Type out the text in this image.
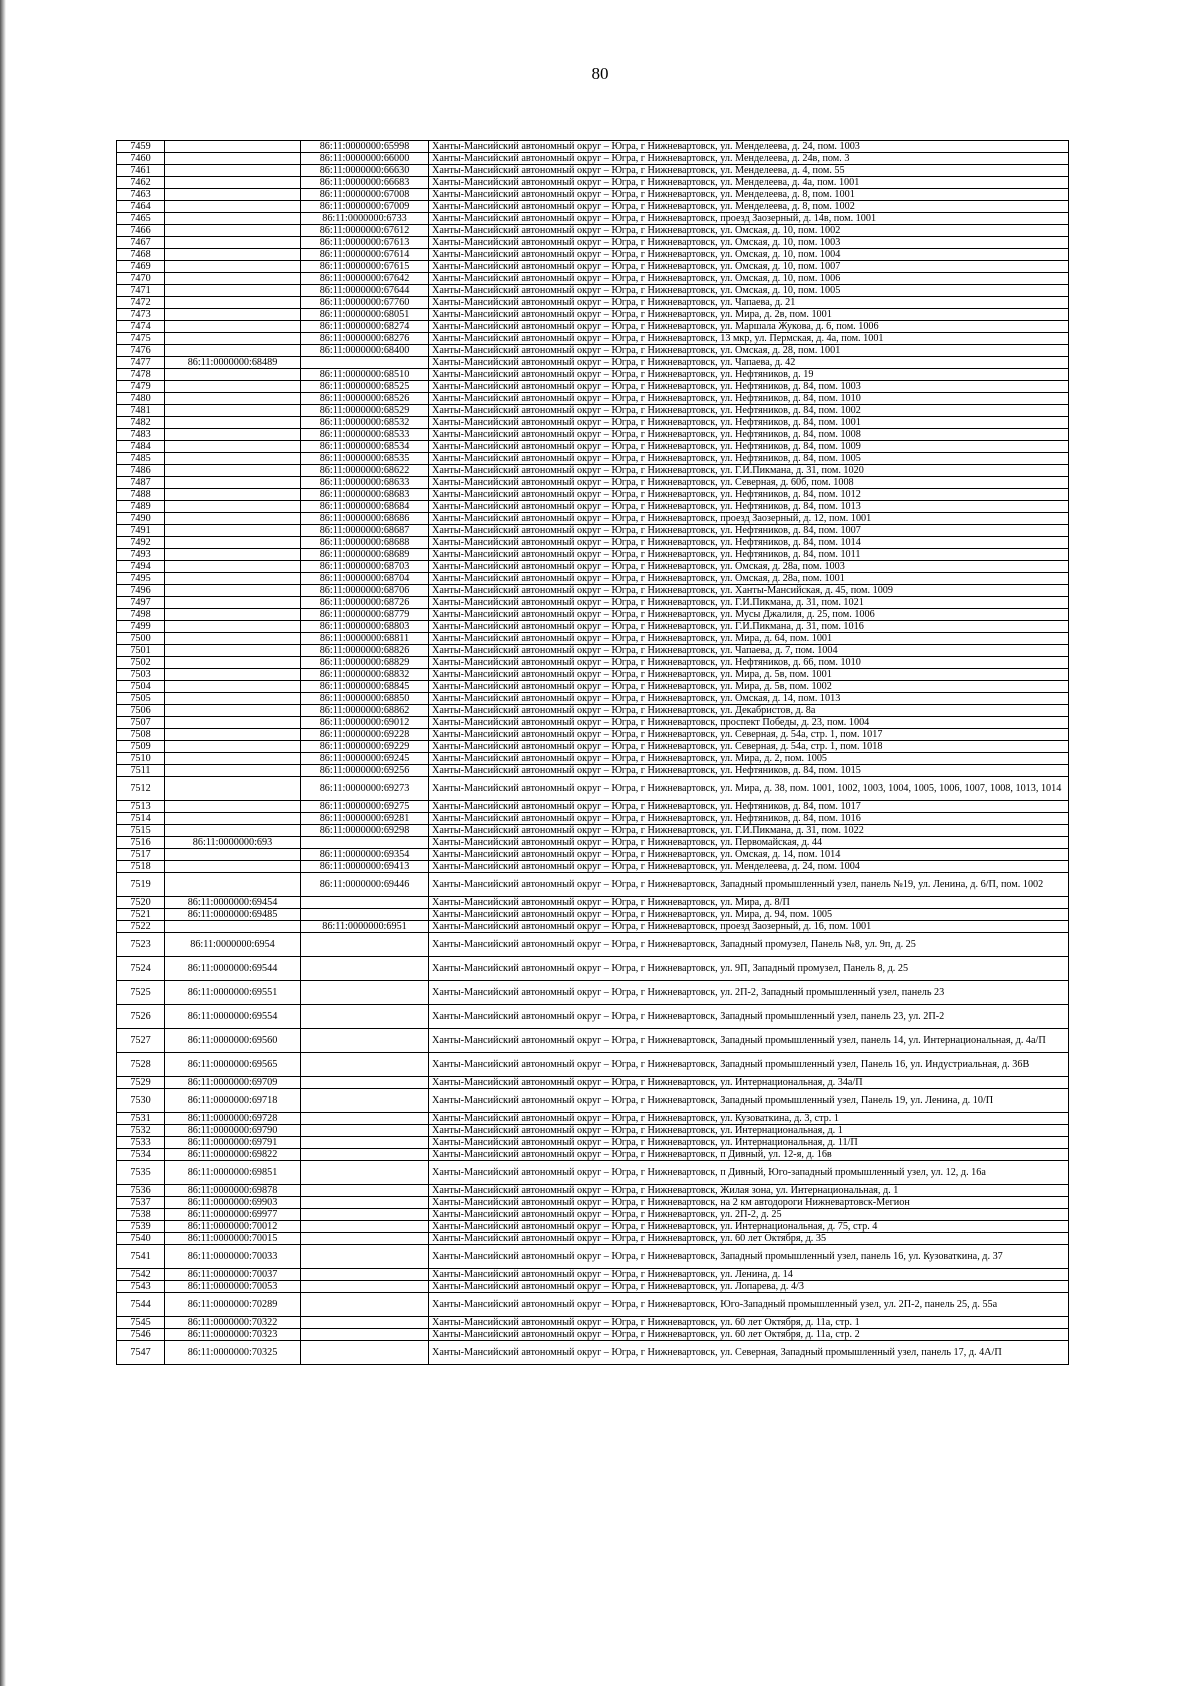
80
7459		86:11:0000000:65998	Ханты-Мансийский автономный округ – Югра, г Нижневартовск, ул. Менделеева, д. 24, пом. 1003
7460		86:11:0000000:66000	Ханты-Мансийский автономный округ – Югра, г Нижневартовск, ул. Менделеева, д. 24в, пом. 3
7461		86:11:0000000:66630	Ханты-Мансийский автономный округ – Югра, г Нижневартовск, ул. Менделеева, д. 4, пом. 55
7462		86:11:0000000:66683	Ханты-Мансийский автономный округ – Югра, г Нижневартовск, ул. Менделеева, д. 4а, пом. 1001
7463		86:11:0000000:67008	Ханты-Мансийский автономный округ – Югра, г Нижневартовск, ул. Менделеева, д. 8, пом. 1001
7464		86:11:0000000:67009	Ханты-Мансийский автономный округ – Югра, г Нижневартовск, ул. Менделеева, д. 8, пом. 1002
7465		86:11:0000000:6733	Ханты-Мансийский автономный округ – Югра, г Нижневартовск, проезд Заозерный, д. 14в, пом. 1001
7466		86:11:0000000:67612	Ханты-Мансийский автономный округ – Югра, г Нижневартовск, ул. Омская, д. 10, пом. 1002
7467		86:11:0000000:67613	Ханты-Мансийский автономный округ – Югра, г Нижневартовск, ул. Омская, д. 10, пом. 1003
7468		86:11:0000000:67614	Ханты-Мансийский автономный округ – Югра, г Нижневартовск, ул. Омская, д. 10, пом. 1004
7469		86:11:0000000:67615	Ханты-Мансийский автономный округ – Югра, г Нижневартовск, ул. Омская, д. 10, пом. 1007
7470		86:11:0000000:67642	Ханты-Мансийский автономный округ – Югра, г Нижневартовск, ул. Омская, д. 10, пом. 1006
7471		86:11:0000000:67644	Ханты-Мансийский автономный округ – Югра, г Нижневартовск, ул. Омская, д. 10, пом. 1005
7472		86:11:0000000:67760	Ханты-Мансийский автономный округ – Югра, г Нижневартовск, ул. Чапаева, д. 21
7473		86:11:0000000:68051	Ханты-Мансийский автономный округ – Югра, г Нижневартовск, ул. Мира, д. 2в, пом. 1001
7474		86:11:0000000:68274	Ханты-Мансийский автономный округ – Югра, г Нижневартовск, ул. Маршала Жукова, д. 6, пом. 1006
7475		86:11:0000000:68276	Ханты-Мансийский автономный округ – Югра, г Нижневартовск, 13 мкр, ул. Пермская, д. 4а, пом. 1001
7476		86:11:0000000:68400	Ханты-Мансийский автономный округ – Югра, г Нижневартовск, ул. Омская, д. 28, пом. 1001
7477	86:11:0000000:68489		Ханты-Мансийский автономный округ – Югра, г Нижневартовск, ул. Чапаева, д. 42
7478		86:11:0000000:68510	Ханты-Мансийский автономный округ – Югра, г Нижневартовск, ул. Нефтяников, д. 19
7479		86:11:0000000:68525	Ханты-Мансийский автономный округ – Югра, г Нижневартовск, ул. Нефтяников, д. 84, пом. 1003
7480		86:11:0000000:68526	Ханты-Мансийский автономный округ – Югра, г Нижневартовск, ул. Нефтяников, д. 84, пом. 1010
7481		86:11:0000000:68529	Ханты-Мансийский автономный округ – Югра, г Нижневартовск, ул. Нефтяников, д. 84, пом. 1002
7482		86:11:0000000:68532	Ханты-Мансийский автономный округ – Югра, г Нижневартовск, ул. Нефтяников, д. 84, пом. 1001
7483		86:11:0000000:68533	Ханты-Мансийский автономный округ – Югра, г Нижневартовск, ул. Нефтяников, д. 84, пом. 1008
7484		86:11:0000000:68534	Ханты-Мансийский автономный округ – Югра, г Нижневартовск, ул. Нефтяников, д. 84, пом. 1009
7485		86:11:0000000:68535	Ханты-Мансийский автономный округ – Югра, г Нижневартовск, ул. Нефтяников, д. 84, пом. 1005
7486		86:11:0000000:68622	Ханты-Мансийский автономный округ – Югра, г Нижневартовск, ул. Г.И.Пикмана, д. 31, пом. 1020
7487		86:11:0000000:68633	Ханты-Мансийский автономный округ – Югра, г Нижневартовск, ул. Северная, д. 60б, пом. 1008
7488		86:11:0000000:68683	Ханты-Мансийский автономный округ – Югра, г Нижневартовск, ул. Нефтяников, д. 84, пом. 1012
7489		86:11:0000000:68684	Ханты-Мансийский автономный округ – Югра, г Нижневартовск, ул. Нефтяников, д. 84, пом. 1013
7490		86:11:0000000:68686	Ханты-Мансийский автономный округ – Югра, г Нижневартовск, проезд Заозерный, д. 12, пом. 1001
7491		86:11:0000000:68687	Ханты-Мансийский автономный округ – Югра, г Нижневартовск, ул. Нефтяников, д. 84, пом. 1007
7492		86:11:0000000:68688	Ханты-Мансийский автономный округ – Югра, г Нижневартовск, ул. Нефтяников, д. 84, пом. 1014
7493		86:11:0000000:68689	Ханты-Мансийский автономный округ – Югра, г Нижневартовск, ул. Нефтяников, д. 84, пом. 1011
7494		86:11:0000000:68703	Ханты-Мансийский автономный округ – Югра, г Нижневартовск, ул. Омская, д. 28а, пом. 1003
7495		86:11:0000000:68704	Ханты-Мансийский автономный округ – Югра, г Нижневартовск, ул. Омская, д. 28а, пом. 1001
7496		86:11:0000000:68706	Ханты-Мансийский автономный округ – Югра, г Нижневартовск, ул. Ханты-Мансийская, д. 45, пом. 1009
7497		86:11:0000000:68726	Ханты-Мансийский автономный округ – Югра, г Нижневартовск, ул. Г.И.Пикмана, д. 31, пом. 1021
7498		86:11:0000000:68779	Ханты-Мансийский автономный округ – Югра, г Нижневартовск, ул. Мусы Джалиля, д. 25, пом. 1006
7499		86:11:0000000:68803	Ханты-Мансийский автономный округ – Югра, г Нижневартовск, ул. Г.И.Пикмана, д. 31, пом. 1016
7500		86:11:0000000:68811	Ханты-Мансийский автономный округ – Югра, г Нижневартовск, ул. Мира, д. 64, пом. 1001
7501		86:11:0000000:68826	Ханты-Мансийский автономный округ – Югра, г Нижневартовск, ул. Чапаева, д. 7, пом. 1004
7502		86:11:0000000:68829	Ханты-Мансийский автономный округ – Югра, г Нижневартовск, ул. Нефтяников, д. 66, пом. 1010
7503		86:11:0000000:68832	Ханты-Мансийский автономный округ – Югра, г Нижневартовск, ул. Мира, д. 5в, пом. 1001
7504		86:11:0000000:68845	Ханты-Мансийский автономный округ – Югра, г Нижневартовск, ул. Мира, д. 5в, пом. 1002
7505		86:11:0000000:68850	Ханты-Мансийский автономный округ – Югра, г Нижневартовск, ул. Омская, д. 14, пом. 1013
7506		86:11:0000000:68862	Ханты-Мансийский автономный округ – Югра, г Нижневартовск, ул. Декабристов, д. 8а
7507		86:11:0000000:69012	Ханты-Мансийский автономный округ – Югра, г Нижневартовск, проспект Победы, д. 23, пом. 1004
7508		86:11:0000000:69228	Ханты-Мансийский автономный округ – Югра, г Нижневартовск, ул. Северная, д. 54а, стр. 1, пом. 1017
7509		86:11:0000000:69229	Ханты-Мансийский автономный округ – Югра, г Нижневартовск, ул. Северная, д. 54а, стр. 1, пом. 1018
7510		86:11:0000000:69245	Ханты-Мансийский автономный округ – Югра, г Нижневартовск, ул. Мира, д. 2, пом. 1005
7511		86:11:0000000:69256	Ханты-Мансийский автономный округ – Югра, г Нижневартовск, ул. Нефтяников, д. 84, пом. 1015
7512		86:11:0000000:69273	Ханты-Мансийский автономный округ – Югра, г Нижневартовск, ул. Мира, д. 38, пом. 1001, 1002, 1003, 1004, 1005, 1006, 1007, 1008, 1013, 1014
7513		86:11:0000000:69275	Ханты-Мансийский автономный округ – Югра, г Нижневартовск, ул. Нефтяников, д. 84, пом. 1017
7514		86:11:0000000:69281	Ханты-Мансийский автономный округ – Югра, г Нижневартовск, ул. Нефтяников, д. 84, пом. 1016
7515		86:11:0000000:69298	Ханты-Мансийский автономный округ – Югра, г Нижневартовск, ул. Г.И.Пикмана, д. 31, пом. 1022
7516	86:11:0000000:693		Ханты-Мансийский автономный округ – Югра, г Нижневартовск, ул. Первомайская, д. 44
7517		86:11:0000000:69354	Ханты-Мансийский автономный округ – Югра, г Нижневартовск, ул. Омская, д. 14, пом. 1014
7518		86:11:0000000:69413	Ханты-Мансийский автономный округ – Югра, г Нижневартовск, ул. Менделеева, д. 24, пом. 1004
7519		86:11:0000000:69446	Ханты-Мансийский автономный округ – Югра, г Нижневартовск, Западный промышленный узел, панель №19, ул. Ленина, д. 6/П, пом. 1002
7520	86:11:0000000:69454		Ханты-Мансийский автономный округ – Югра, г Нижневартовск, ул. Мира, д. 8/П
7521	86:11:0000000:69485		Ханты-Мансийский автономный округ – Югра, г Нижневартовск, ул. Мира, д. 94, пом. 1005
7522		86:11:0000000:6951	Ханты-Мансийский автономный округ – Югра, г Нижневартовск, проезд Заозерный, д. 16, пом. 1001
7523	86:11:0000000:6954		Ханты-Мансийский автономный округ – Югра, г Нижневартовск, Западный промузел, Панель №8, ул. 9п, д. 25
7524	86:11:0000000:69544		Ханты-Мансийский автономный округ – Югра, г Нижневартовск, ул. 9П, Западный промузел, Панель 8, д. 25
7525	86:11:0000000:69551		Ханты-Мансийский автономный округ – Югра, г Нижневартовск, ул. 2П-2, Западный промышленный узел, панель 23
7526	86:11:0000000:69554		Ханты-Мансийский автономный округ – Югра, г Нижневартовск, Западный промышленный узел, панель 23, ул. 2П-2
7527	86:11:0000000:69560		Ханты-Мансийский автономный округ – Югра, г Нижневартовск, Западный промышленный узел, панель 14, ул. Интернациональная, д. 4а/П
7528	86:11:0000000:69565		Ханты-Мансийский автономный округ – Югра, г Нижневартовск, Западный промышленный узел, Панель 16, ул. Индустриальная, д. 36В
7529	86:11:0000000:69709		Ханты-Мансийский автономный округ – Югра, г Нижневартовск, ул. Интернациональная, д. 34а/П
7530	86:11:0000000:69718		Ханты-Мансийский автономный округ – Югра, г Нижневартовск, Западный промышленный узел, Панель 19, ул. Ленина, д. 10/П
7531	86:11:0000000:69728		Ханты-Мансийский автономный округ – Югра, г Нижневартовск, ул. Кузоваткина, д. 3, стр. 1
7532	86:11:0000000:69790		Ханты-Мансийский автономный округ – Югра, г Нижневартовск, ул. Интернациональная, д. 1
7533	86:11:0000000:69791		Ханты-Мансийский автономный округ – Югра, г Нижневартовск, ул. Интернациональная, д. 11/П
7534	86:11:0000000:69822		Ханты-Мансийский автономный округ – Югра, г Нижневартовск, п Дивный, ул. 12-я, д. 16в
7535	86:11:0000000:69851		Ханты-Мансийский автономный округ – Югра, г Нижневартовск, п Дивный, Юго-западный промышленный узел, ул. 12, д. 16а
7536	86:11:0000000:69878		Ханты-Мансийский автономный округ – Югра, г Нижневартовск, Жилая зона, ул. Интернациональная, д. 1
7537	86:11:0000000:69903		Ханты-Мансийский автономный округ – Югра, г Нижневартовск, на 2 км автодороги Нижневартовск-Мегион
7538	86:11:0000000:69977		Ханты-Мансийский автономный округ – Югра, г Нижневартовск, ул. 2П-2, д. 25
7539	86:11:0000000:70012		Ханты-Мансийский автономный округ – Югра, г Нижневартовск, ул. Интернациональная, д. 75, стр. 4
7540	86:11:0000000:70015		Ханты-Мансийский автономный округ – Югра, г Нижневартовск, ул. 60 лет Октября, д. 35
7541	86:11:0000000:70033		Ханты-Мансийский автономный округ – Югра, г Нижневартовск, Западный промышленный узел, панель 16, ул. Кузоваткина, д. 37
7542	86:11:0000000:70037		Ханты-Мансийский автономный округ – Югра, г Нижневартовск, ул. Ленина, д. 14
7543	86:11:0000000:70053		Ханты-Мансийский автономный округ – Югра, г Нижневартовск, ул. Лопарева, д. 4/3
7544	86:11:0000000:70289		Ханты-Мансийский автономный округ – Югра, г Нижневартовск, Юго-Западный промышленный узел, ул. 2П-2, панель 25, д. 55а
7545	86:11:0000000:70322		Ханты-Мансийский автономный округ – Югра, г Нижневартовск, ул. 60 лет Октября, д. 11а, стр. 1
7546	86:11:0000000:70323		Ханты-Мансийский автономный округ – Югра, г Нижневартовск, ул. 60 лет Октября, д. 11а, стр. 2
7547	86:11:0000000:70325		Ханты-Мансийский автономный округ – Югра, г Нижневартовск, ул. Северная, Западный промышленный узел, панель 17, д. 4А/П
